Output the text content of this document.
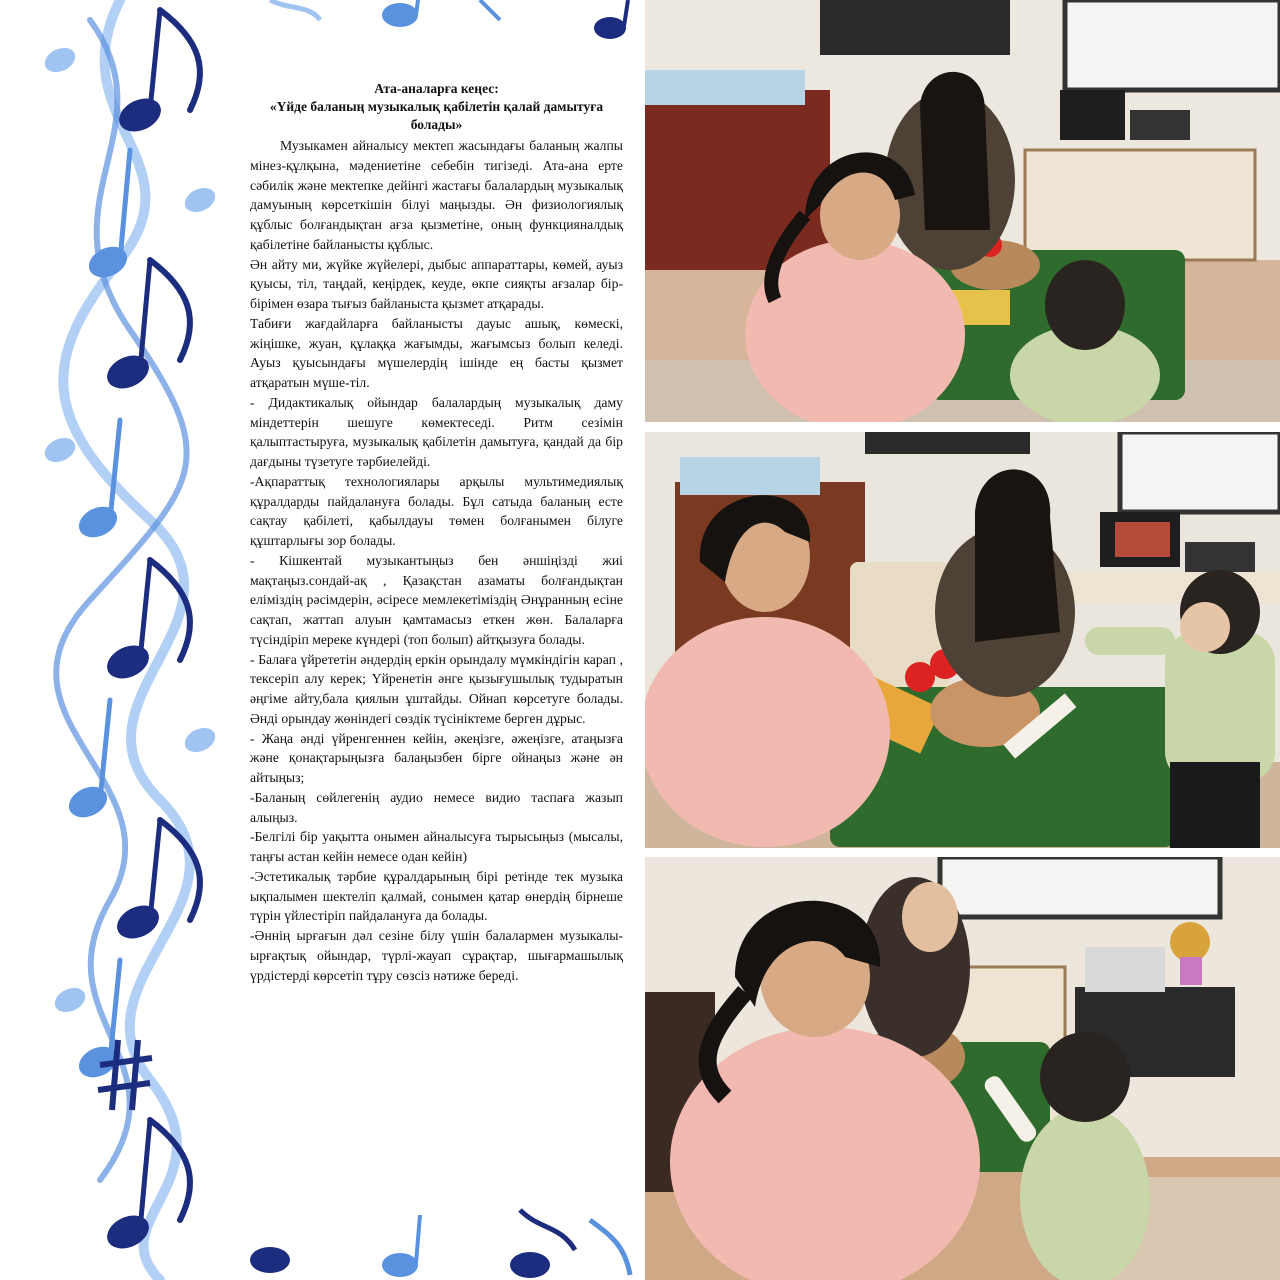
Ата-аналарға кеңес:

«Үйде баланың музыкалық қабілетін қалай дамытуға болады»

Музыкамен айналысу мектеп жасындағы баланың жалпы мінез-құлқына, мәдениетіне себебін тигізеді. Ата-ана ерте сәбилік және мектепке дейінгі жастағы балалардың музыкалық дамуының көрсеткішін білуі маңызды. Ән физиологиялық құблыс болғандықтан ағза қызметіне, оның функцияналдық қабілетіне байланысты құблыс.

Ән айту ми, жүйке жүйелері, дыбыс аппараттары, көмей, ауыз қуысы, тіл, таңдай, кеңірдек, кеуде, өкпе сияқты ағзалар бір-бірімен өзара тығыз байланыста қызмет атқарады.

Табиғи жағдайларға байланысты дауыс ашық, көмескі, жіңішке, жуан, құлаққа жағымды, жағымсыз болып келеді. Ауыз қуысындағы мүшелердің ішінде ең басты қызмет атқаратын мүше-тіл.

- Дидактикалық ойындар балалардың музыкалық даму міндеттерін шешуге көмектеседі. Ритм сезімін қалыптастыруға, музыкалық қабілетін дамытуға, қандай да бір дағдыны түзетуге тәрбиелейді.

-Ақпараттық технологиялары арқылы мультимедиялық құралдарды пайдалануға болады. Бұл сатыда баланың есте сақтау қабілеті, қабылдауы төмен болғанымен білуге құштарлығы зор болады.

- Кішкентай музыкантыңыз бен әншіңізді жиі мақтаңыз.сондай-ақ , Қазақстан азаматы болғандықтан еліміздің рәсімдерін, әсіресе мемлекетіміздің Әнұранның есіне сақтап, жаттап алуын қамтамасыз еткен жөн. Балаларға түсіндіріп мереке күндері (топ болып) айтқызуға болады.

- Балаға үйрететін әндердің еркін орындалу мүмкіндігін карап , тексеріп алу керек; Үйренетін әнге қызығушылық тудыратын әңгіме айту,бала қиялын ұштайды. Ойнап көрсетуге болады. Әнді орындау жөніндегі сөздік түсініктеме берген дұрыс.

- Жаңа әнді үйренгеннен кейін, әкеңізге, әжеңізге, атаңызға және қонақтарыңызға балаңызбен бірге ойнаңыз және ән айтыңыз;

-Баланың сөйлегенің аудио немесе видио таспаға жазып алыңыз.

-Белгілі бір уақытта онымен айналысуға тырысыңыз (мысалы, таңғы астан кейін немесе одан кейін)

-Эстетикалық тәрбие құралдарының бірі ретінде тек музыка ықпалымен шектеліп қалмай, сонымен қатар өнердің бірнеше түрін үйлестіріп пайдалануға да болады.

-Әннің ырғағын дәл сезіне білу үшін балалармен музыкалы-ырғақтық ойындар, түрлі-жауап сұрақтар, шығармашылық үрдістерді көрсетіп тұру сөзсіз нәтиже береді.
